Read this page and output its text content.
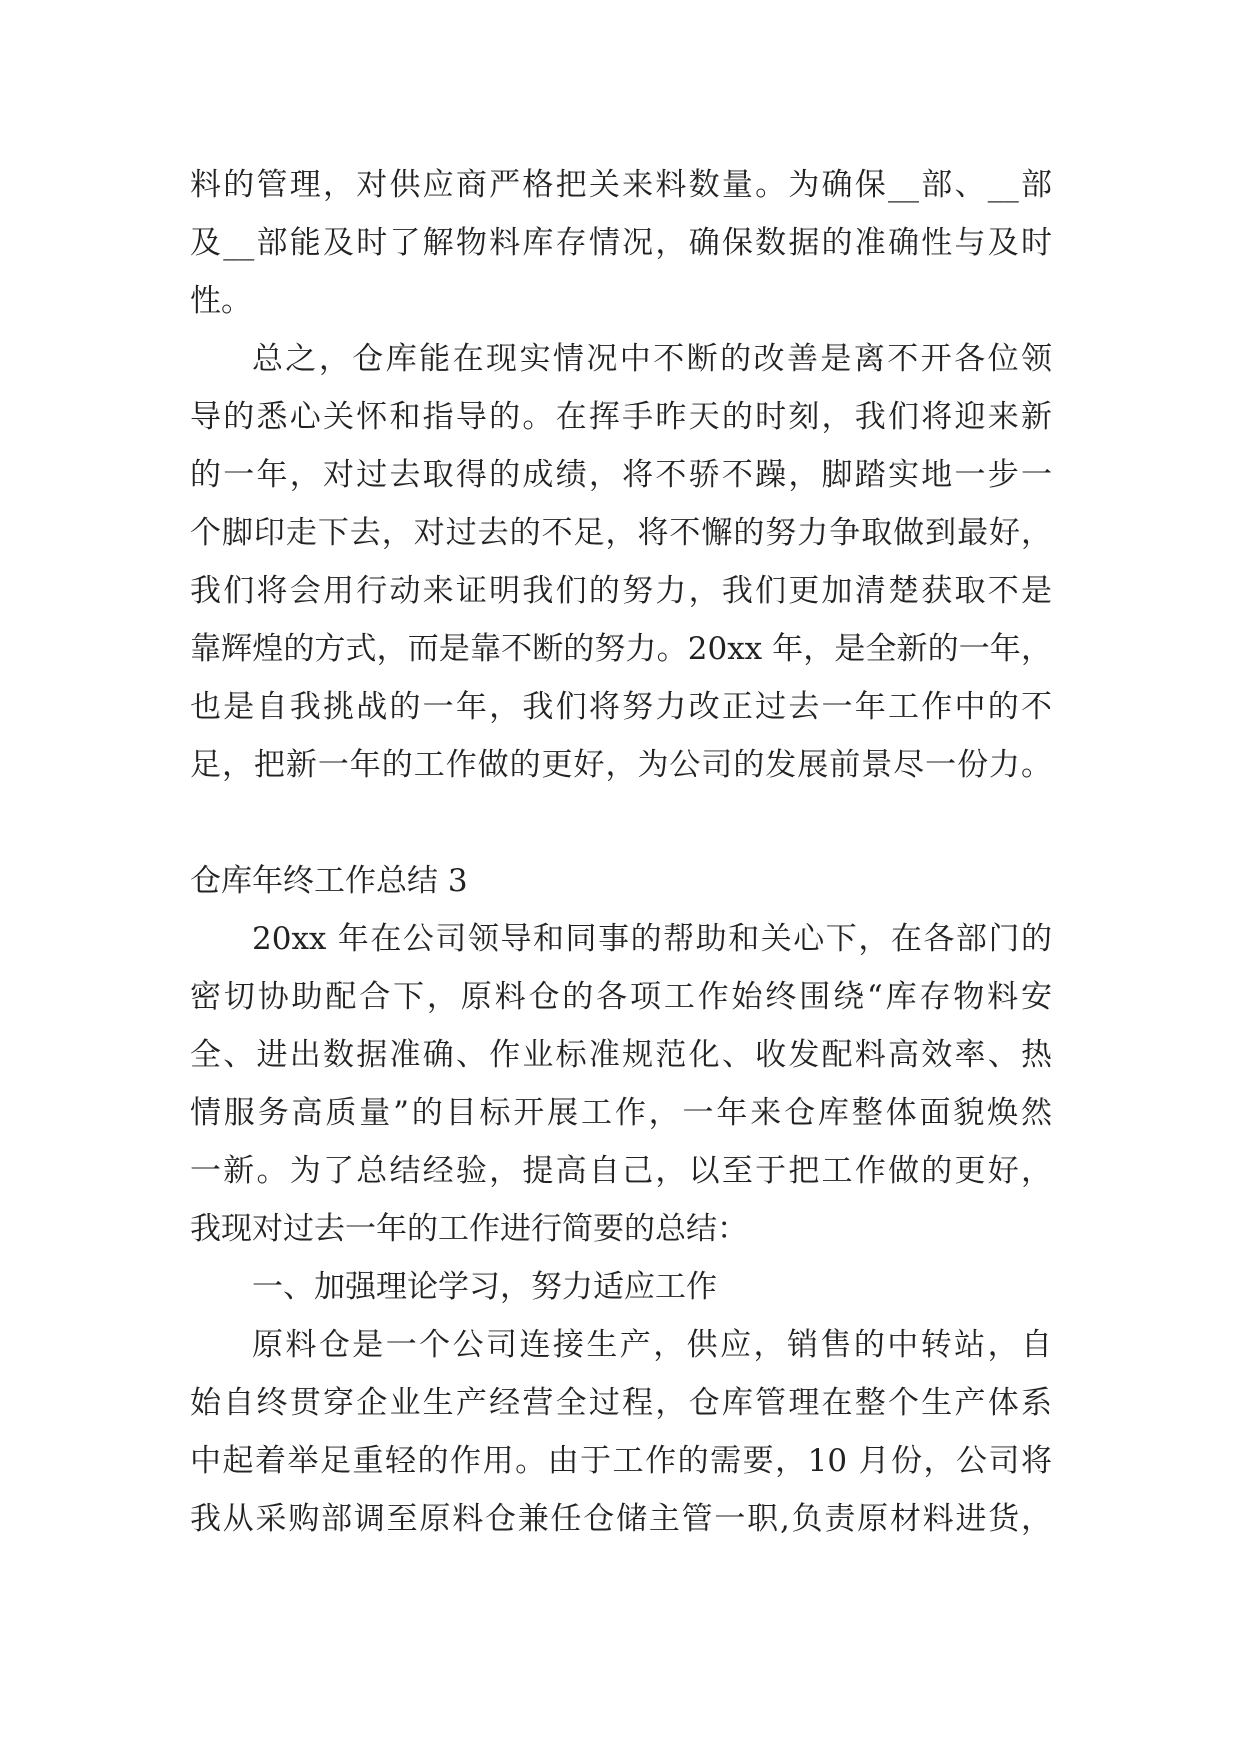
料的管理，对供应商严格把关来料数量。为确保__部、__部
及__部能及时了解物料库存情况，确保数据的准确性与及时
性。
总之，仓库能在现实情况中不断的改善是离不开各位领
导的悉心关怀和指导的。在挥手昨天的时刻，我们将迎来新
的一年，对过去取得的成绩，将不骄不躁，脚踏实地一步一
个脚印走下去，对过去的不足，将不懈的努力争取做到最好，
我们将会用行动来证明我们的努力，我们更加清楚获取不是
靠辉煌的方式，而是靠不断的努力。20xx 年，是全新的一年，
也是自我挑战的一年，我们将努力改正过去一年工作中的不
足，把新一年的工作做的更好，为公司的发展前景尽一份力。
仓库年终工作总结 3
20xx 年在公司领导和同事的帮助和关心下，在各部门的
密切协助配合下，原料仓的各项工作始终围绕“库存物料安
全、进出数据准确、作业标准规范化、收发配料高效率、热
情服务高质量”的目标开展工作，一年来仓库整体面貌焕然
一新。为了总结经验，提高自己，以至于把工作做的更好，
我现对过去一年的工作进行简要的总结：
一、加强理论学习，努力适应工作
原料仓是一个公司连接生产，供应，销售的中转站，自
始自终贯穿企业生产经营全过程，仓库管理在整个生产体系
中起着举足重轻的作用。由于工作的需要，10 月份，公司将
我从采购部调至原料仓兼任仓储主管一职,负责原材料进货，
